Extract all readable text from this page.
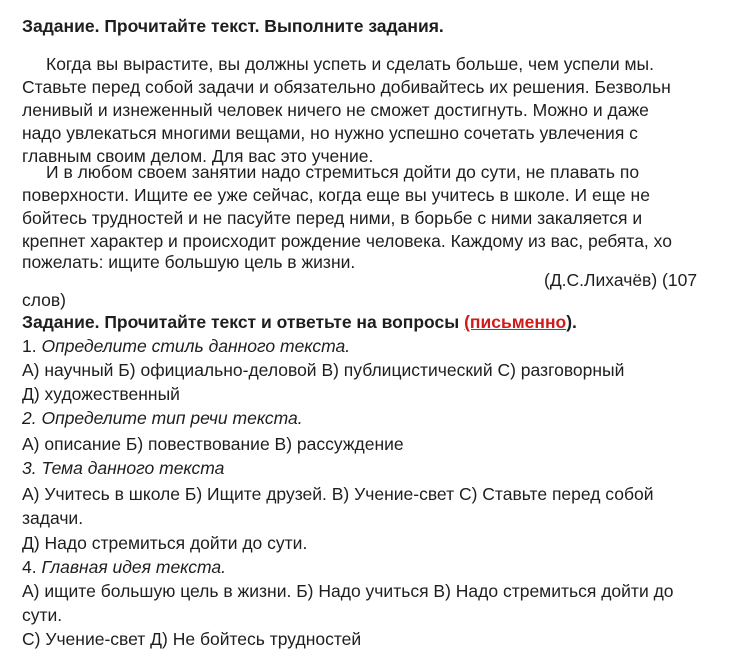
Задание. Прочитайте текст. Выполните задания.
Когда вы вырастите, вы должны успеть и сделать больше, чем успели мы.
Ставьте перед собой задачи и обязательно добивайтесь их решения. Безвольн
ленивый и изнеженный человек ничего не сможет достигнуть. Можно и даже
надо увлекаться многими вещами, но нужно успешно сочетать увлечения с
главным своим делом. Для вас это учение.
И в любом своем занятии надо стремиться дойти до сути, не плавать по
поверхности. Ищите ее уже сейчас, когда еще вы учитесь в школе. И еще не
бойтесь трудностей и не пасуйте перед ними, в борьбе с ними закаляется и
крепнет характер и происходит рождение человека. Каждому из вас, ребята, хо
пожелать: ищите большую цель в жизни.
(Д.С.Лихачёв) (107
слов)
Задание. Прочитайте текст и ответьте на вопросы (письменно).
1. Определите стиль данного текста.
А) научный Б) официально-деловой В) публицистический С) разговорный
Д) художественный
2. Определите тип речи текста.
А) описание Б) повествование В) рассуждение
3. Тема данного текста
А) Учитесь в школе Б) Ищите друзей. В) Учение-свет С) Ставьте перед собой
задачи.
Д) Надо стремиться дойти до сути.
4. Главная идея текста.
А) ищите большую цель в жизни. Б) Надо учиться В) Надо стремиться дойти до
сути.
С) Учение-свет Д) Не бойтесь трудностей
